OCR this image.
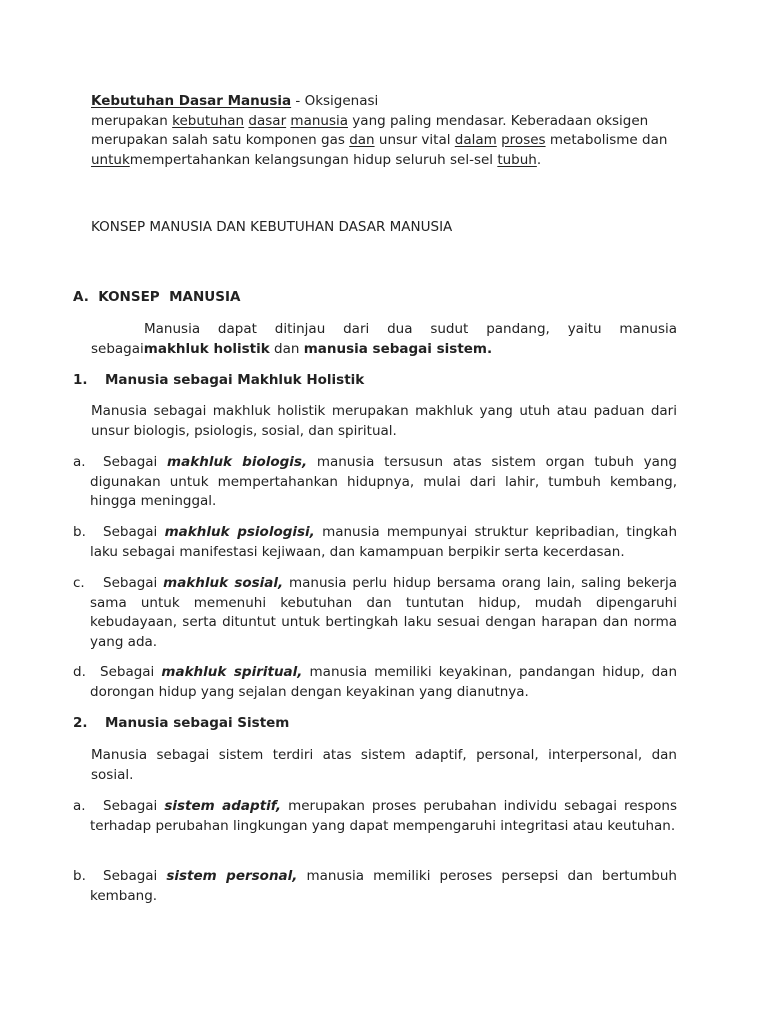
Kebutuhan Dasar Manusia - Oksigenasi
merupakan kebutuhan dasar manusia yang paling mendasar. Keberadaan oksigen merupakan salah satu komponen gas dan unsur vital dalam proses metabolisme dan untukmempertahankan kelangsungan hidup seluruh sel-sel tubuh.
KONSEP MANUSIA DAN KEBUTUHAN DASAR MANUSIA
A.  KONSEP  MANUSIA
Manusia dapat ditinjau dari dua sudut pandang, yaitu manusia sebagaimakhluk holistik dan manusia sebagai sistem.
1. Manusia sebagai Makhluk Holistik
Manusia sebagai makhluk holistik merupakan makhluk yang utuh atau paduan dari unsur biologis, psiologis, sosial, dan spiritual.
a. Sebagai makhluk biologis, manusia tersusun atas sistem organ tubuh yang digunakan untuk mempertahankan hidupnya, mulai dari lahir, tumbuh kembang, hingga meninggal.
b. Sebagai makhluk psiologisi, manusia mempunyai struktur kepribadian, tingkah laku sebagai manifestasi kejiwaan, dan kamampuan berpikir serta kecerdasan.
c. Sebagai makhluk sosial, manusia perlu hidup bersama orang lain, saling bekerja sama untuk memenuhi kebutuhan dan tuntutan hidup, mudah dipengaruhi kebudayaan, serta dituntut untuk bertingkah laku sesuai dengan harapan dan norma yang ada.
d. Sebagai makhluk spiritual, manusia memiliki keyakinan, pandangan hidup, dan dorongan hidup yang sejalan dengan keyakinan yang dianutnya.
2. Manusia sebagai Sistem
Manusia sebagai sistem terdiri atas sistem adaptif, personal, interpersonal, dan sosial.
a. Sebagai sistem adaptif, merupakan proses perubahan individu sebagai respons terhadap perubahan lingkungan yang dapat mempengaruhi integritasi atau keutuhan.
b. Sebagai sistem personal, manusia memiliki peroses persepsi dan bertumbuh kembang.
